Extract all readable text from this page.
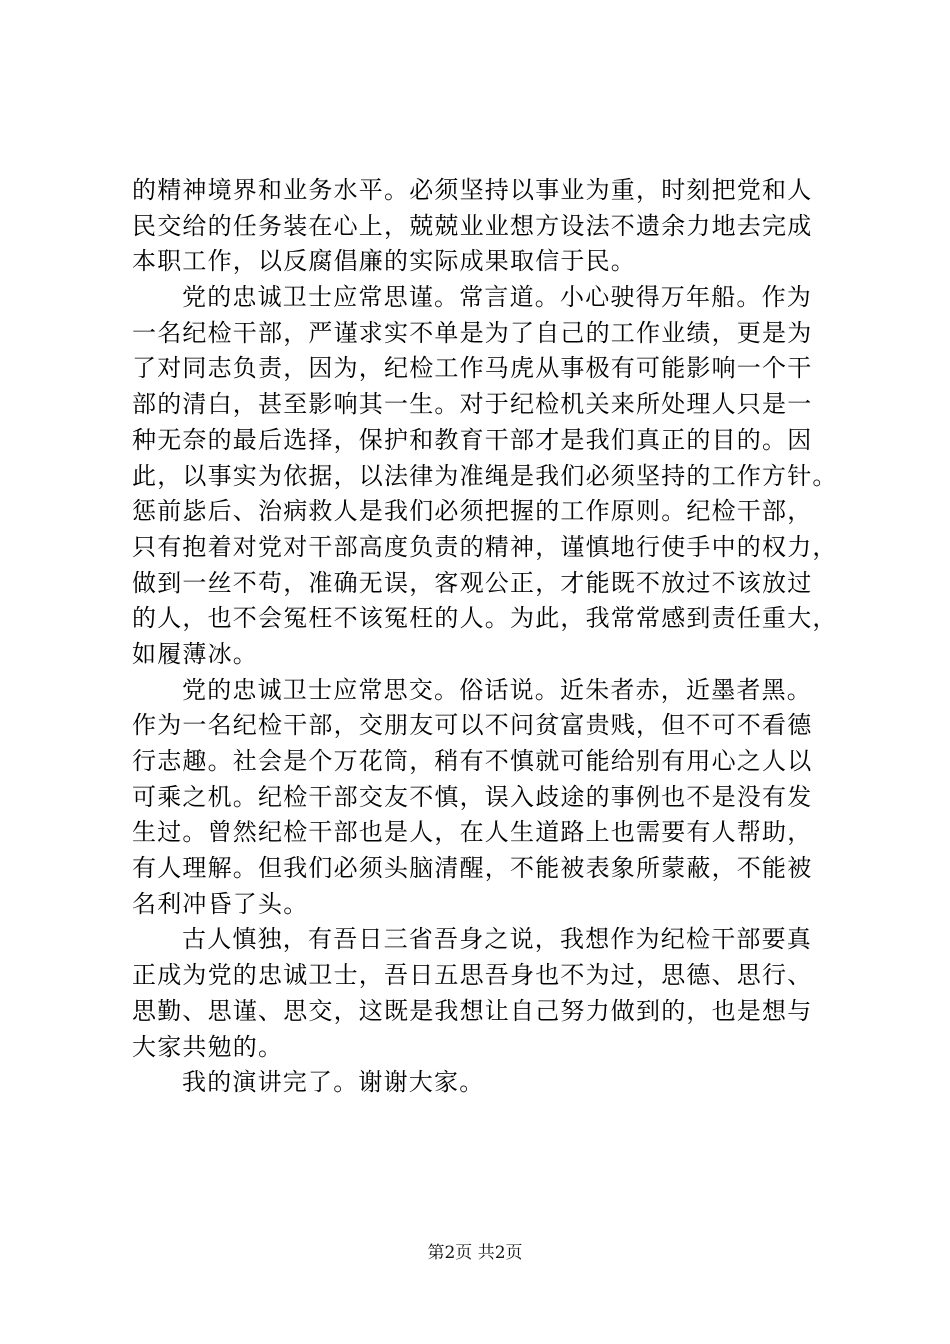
的精神境界和业务水平。必须坚持以事业为重，时刻把党和人
民交给的任务装在心上，兢兢业业想方设法不遗余力地去完成
本职工作，以反腐倡廉的实际成果取信于民。
党的忠诚卫士应常思谨。常言道。小心驶得万年船。作为
一名纪检干部，严谨求实不单是为了自己的工作业绩，更是为
了对同志负责，因为，纪检工作马虎从事极有可能影响一个干
部的清白，甚至影响其一生。对于纪检机关来所处理人只是一
种无奈的最后选择，保护和教育干部才是我们真正的目的。因
此，以事实为依据，以法律为准绳是我们必须坚持的工作方针。
惩前毖后、治病救人是我们必须把握的工作原则。纪检干部，
只有抱着对党对干部高度负责的精神，谨慎地行使手中的权力，
做到一丝不苟，准确无误，客观公正，才能既不放过不该放过
的人，也不会冤枉不该冤枉的人。为此，我常常感到责任重大，
如履薄冰。
党的忠诚卫士应常思交。俗话说。近朱者赤，近墨者黑。
作为一名纪检干部，交朋友可以不问贫富贵贱，但不可不看德
行志趣。社会是个万花筒，稍有不慎就可能给别有用心之人以
可乘之机。纪检干部交友不慎，误入歧途的事例也不是没有发
生过。曾然纪检干部也是人，在人生道路上也需要有人帮助，
有人理解。但我们必须头脑清醒，不能被表象所蒙蔽，不能被
名利冲昏了头。
古人慎独，有吾日三省吾身之说，我想作为纪检干部要真
正成为党的忠诚卫士，吾日五思吾身也不为过，思德、思行、
思勤、思谨、思交，这既是我想让自己努力做到的，也是想与
大家共勉的。
我的演讲完了。谢谢大家。
第2页 共2页
